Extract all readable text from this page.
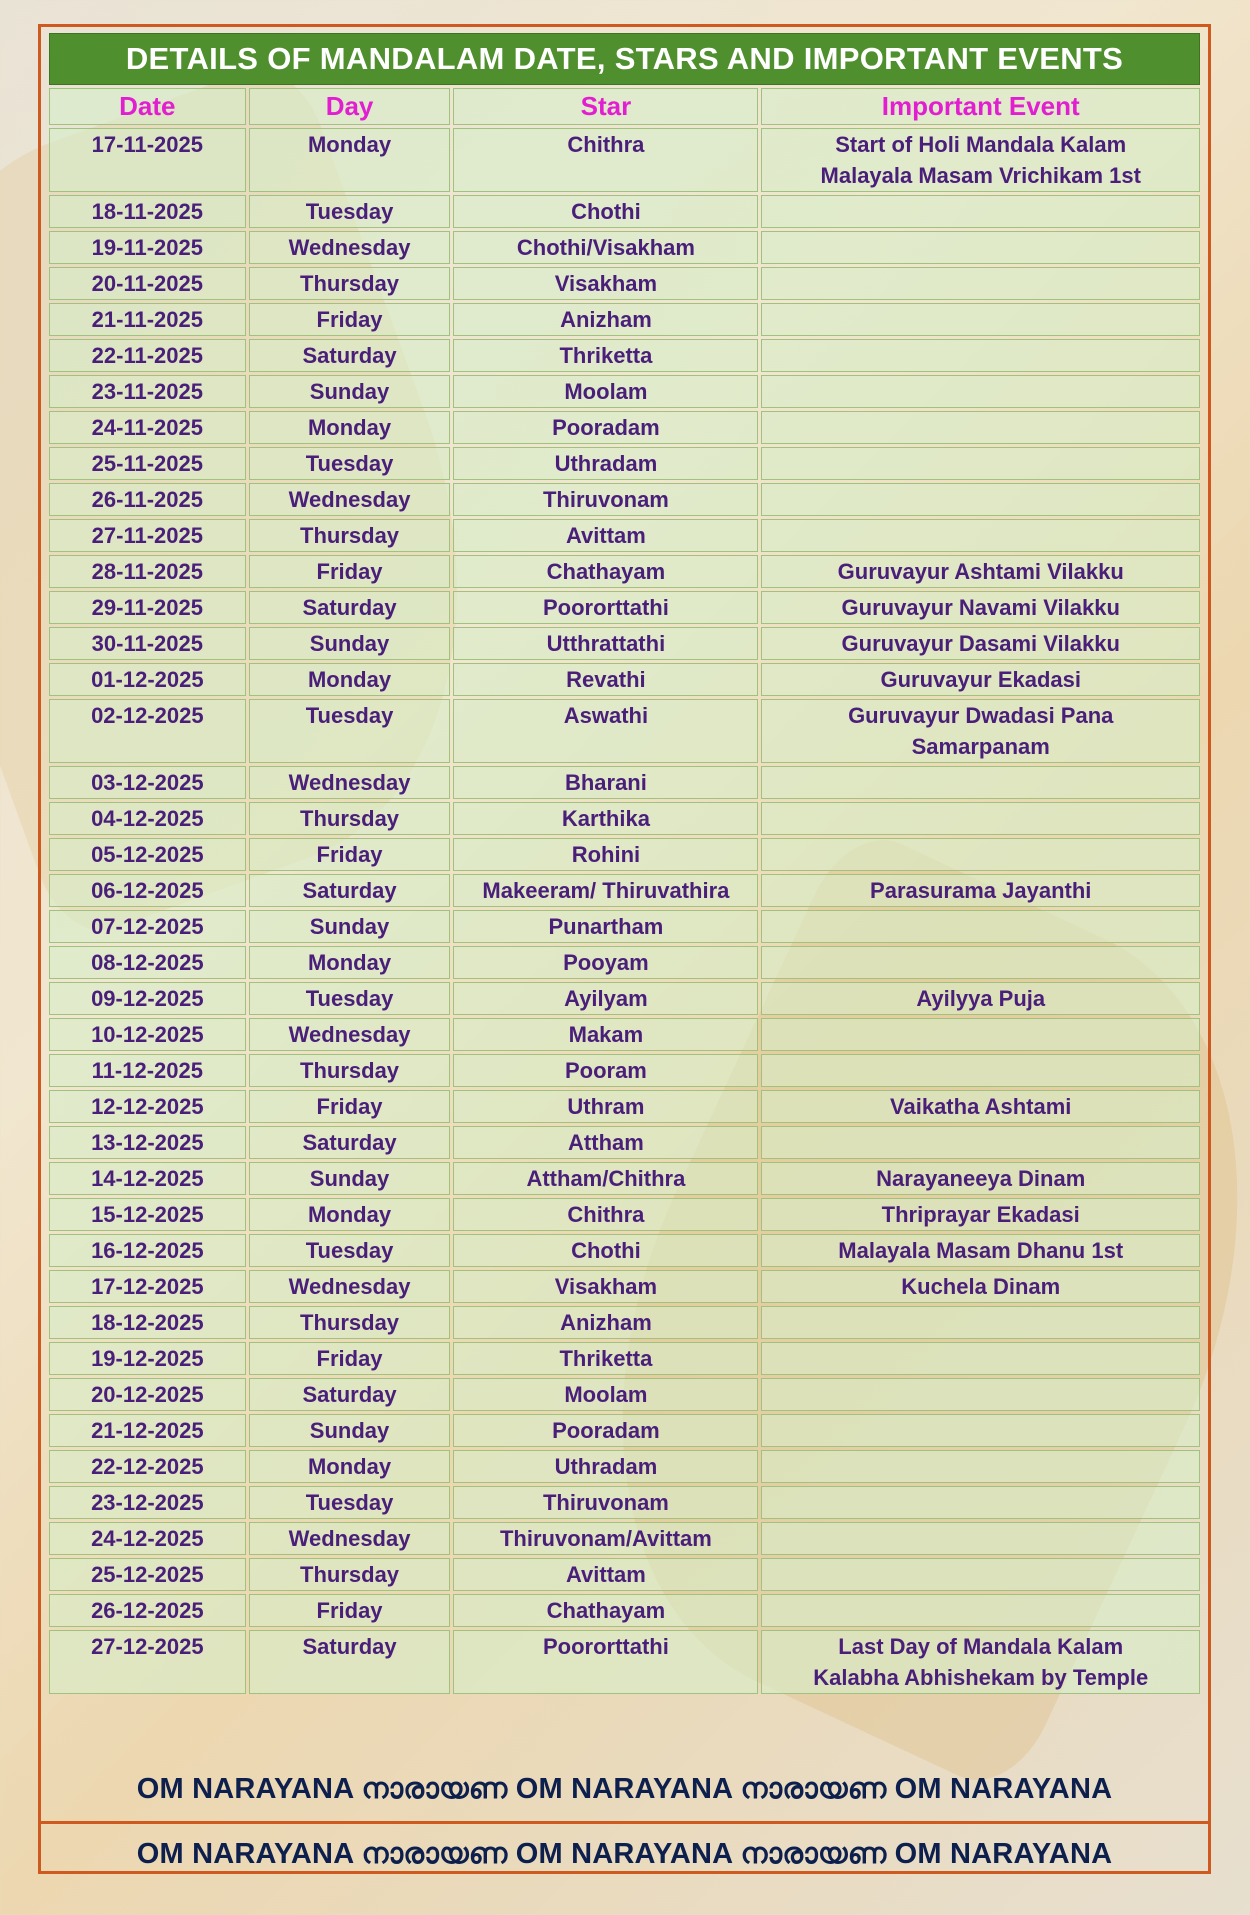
DETAILS OF MANDALAM DATE, STARS AND IMPORTANT EVENTS
Date	Day	Star	Important Event
17-11-2025	Monday	Chithra	Start of Holi Mandala Kalam
Malayala Masam Vrichikam 1st

18-11-2025	Tuesday	Chothi	

19-11-2025	Wednesday	Chothi/Visakham	

20-11-2025	Thursday	Visakham	

21-11-2025	Friday	Anizham	

22-11-2025	Saturday	Thriketta	

23-11-2025	Sunday	Moolam	

24-11-2025	Monday	Pooradam	

25-11-2025	Tuesday	Uthradam	

26-11-2025	Wednesday	Thiruvonam	

27-11-2025	Thursday	Avittam	

28-11-2025	Friday	Chathayam	Guruvayur Ashtami Vilakku

29-11-2025	Saturday	Poororttathi	Guruvayur Navami Vilakku

30-11-2025	Sunday	Utthrattathi	Guruvayur Dasami Vilakku

01-12-2025	Monday	Revathi	Guruvayur Ekadasi

02-12-2025	Tuesday	Aswathi	Guruvayur Dwadasi Pana
Samarpanam

03-12-2025	Wednesday	Bharani	

04-12-2025	Thursday	Karthika	

05-12-2025	Friday	Rohini	

06-12-2025	Saturday	Makeeram/ Thiruvathira	Parasurama Jayanthi

07-12-2025	Sunday	Punartham	

08-12-2025	Monday	Pooyam	

09-12-2025	Tuesday	Ayilyam	Ayilyya Puja

10-12-2025	Wednesday	Makam	

11-12-2025	Thursday	Pooram	

12-12-2025	Friday	Uthram	Vaikatha Ashtami

13-12-2025	Saturday	Attham	

14-12-2025	Sunday	Attham/Chithra	Narayaneeya Dinam

15-12-2025	Monday	Chithra	Thriprayar Ekadasi

16-12-2025	Tuesday	Chothi	Malayala Masam Dhanu 1st

17-12-2025	Wednesday	Visakham	Kuchela Dinam

18-12-2025	Thursday	Anizham	

19-12-2025	Friday	Thriketta	

20-12-2025	Saturday	Moolam	

21-12-2025	Sunday	Pooradam	

22-12-2025	Monday	Uthradam	

23-12-2025	Tuesday	Thiruvonam	

24-12-2025	Wednesday	Thiruvonam/Avittam	

25-12-2025	Thursday	Avittam	

26-12-2025	Friday	Chathayam	

27-12-2025	Saturday	Poororttathi	Last Day of Mandala Kalam
Kalabha Abhishekam by Temple
OM NARAYANA നാരായണ OM NARAYANA നാരായണ OM NARAYANA
OM NARAYANA നാരായണ OM NARAYANA നാരായണ OM NARAYANA
